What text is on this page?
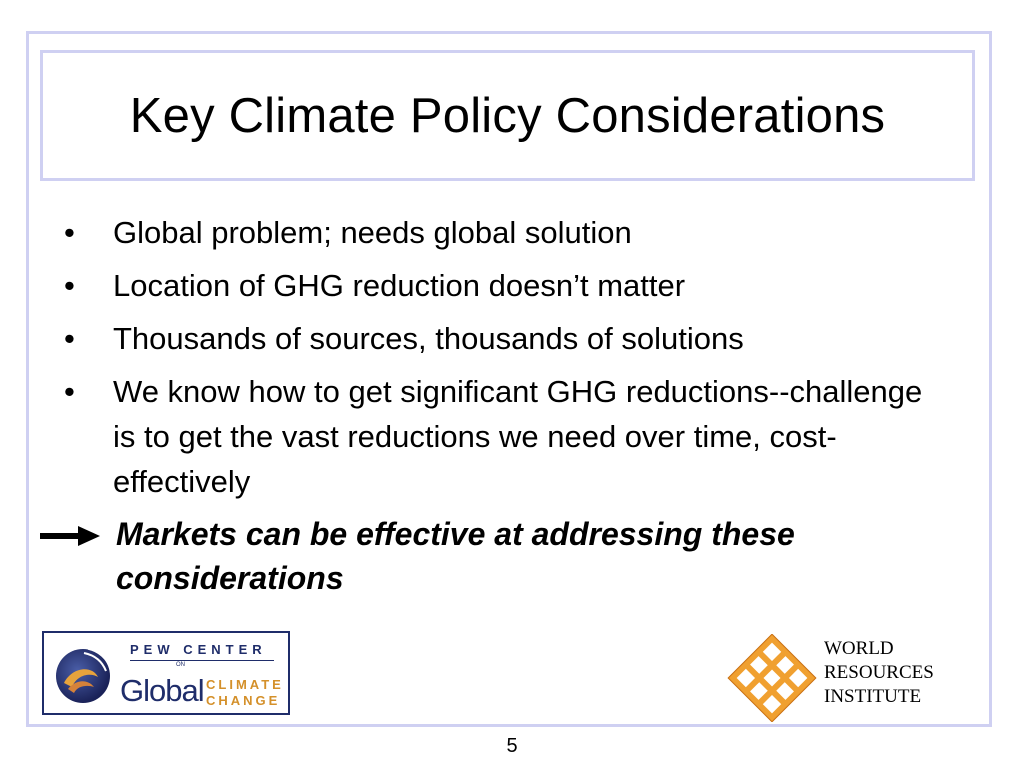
Key Climate Policy Considerations
•	Global problem; needs global solution
•	Location of GHG reduction doesn’t matter
•	Thousands of sources, thousands of solutions
•	We know how to get significant GHG reductions--challenge is to get the vast reductions we need over time, cost-effectively
Markets can be effective at addressing these considerations
PEW CENTER
ON
Global CLIMATE
CHANGE
WORLD
RESOURCES
INSTITUTE
5
